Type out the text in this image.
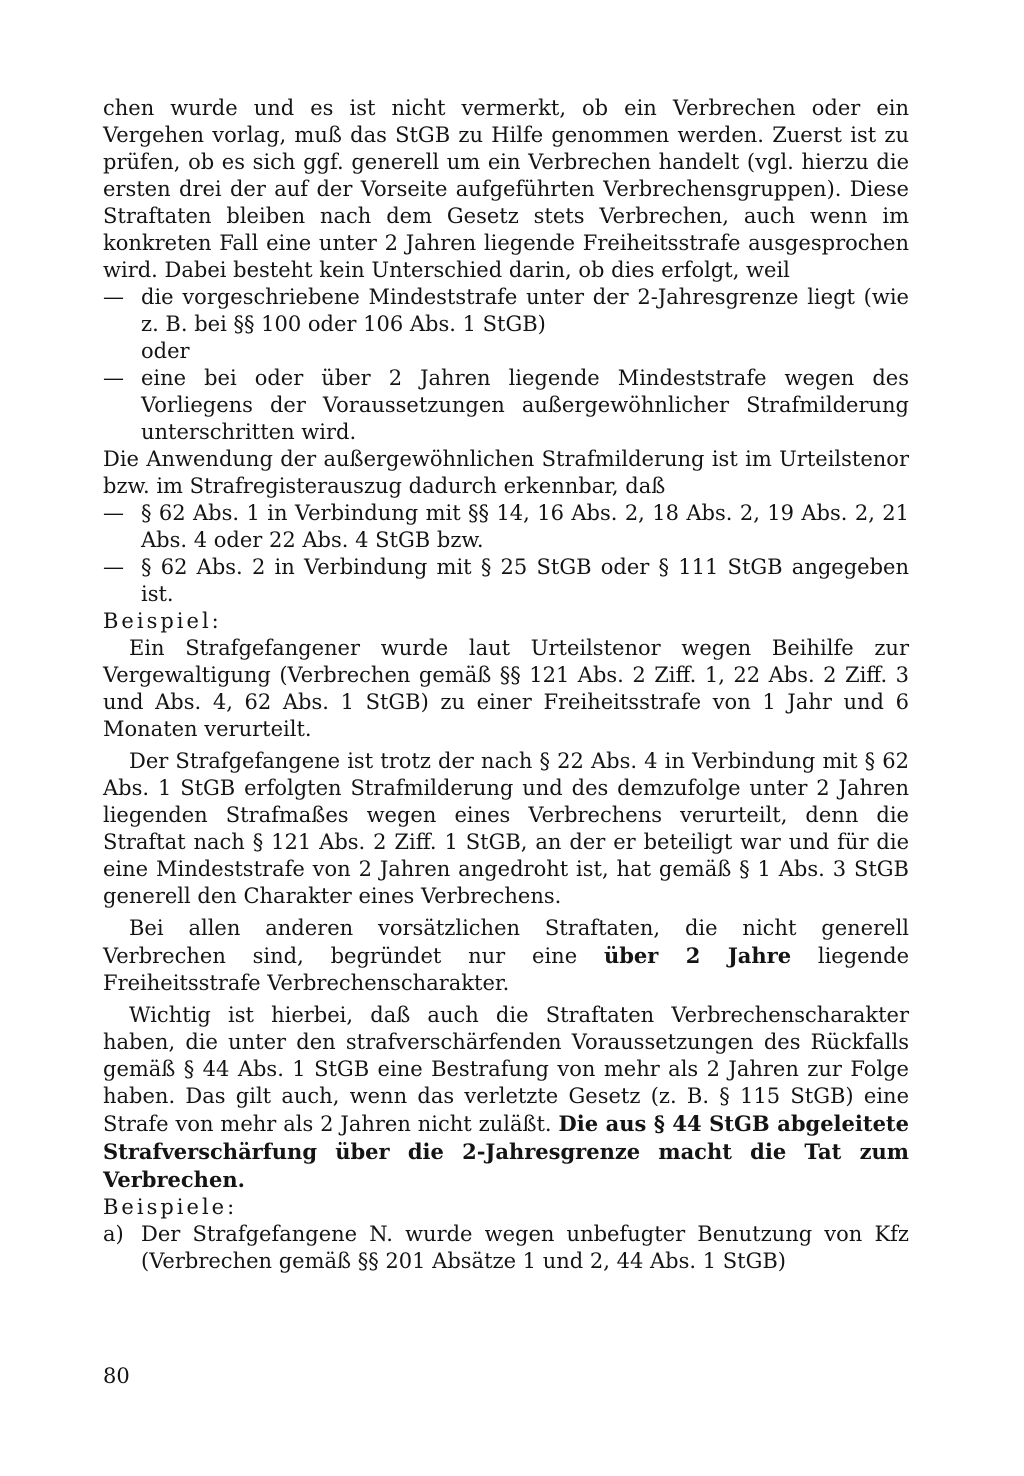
chen wurde und es ist nicht vermerkt, ob ein Verbrechen oder ein Vergehen vorlag, muß das StGB zu Hilfe genommen werden. Zuerst ist zu prüfen, ob es sich ggf. generell um ein Verbrechen handelt (vgl. hierzu die ersten drei der auf der Vorseite aufgeführten Verbrechensgruppen). Diese Straftaten bleiben nach dem Gesetz stets Verbrechen, auch wenn im konkreten Fall eine unter 2 Jahren liegende Freiheitsstrafe ausgesprochen wird. Dabei besteht kein Unterschied darin, ob dies erfolgt, weil

— die vorgeschriebene Mindeststrafe unter der 2-Jahresgrenze liegt (wie z. B. bei §§ 100 oder 106 Abs. 1 StGB)

oder

— eine bei oder über 2 Jahren liegende Mindeststrafe wegen des Vorliegens der Voraussetzungen außergewöhnlicher Strafmilderung unterschritten wird.

Die Anwendung der außergewöhnlichen Strafmilderung ist im Urteilstenor bzw. im Strafregisterauszug dadurch erkennbar, daß

— § 62 Abs. 1 in Verbindung mit §§ 14, 16 Abs. 2, 18 Abs. 2, 19 Abs. 2, 21 Abs. 4 oder 22 Abs. 4 StGB bzw.
— § 62 Abs. 2 in Verbindung mit § 25 StGB oder § 111 StGB angegeben ist.

Beispiel:

Ein Strafgefangener wurde laut Urteilstenor wegen Beihilfe zur Vergewaltigung (Verbrechen gemäß §§ 121 Abs. 2 Ziff. 1, 22 Abs. 2 Ziff. 3 und Abs. 4, 62 Abs. 1 StGB) zu einer Freiheitsstrafe von 1 Jahr und 6 Monaten verurteilt.

Der Strafgefangene ist trotz der nach § 22 Abs. 4 in Verbindung mit § 62 Abs. 1 StGB erfolgten Strafmilderung und des demzufolge unter 2 Jahren liegenden Strafmaßes wegen eines Verbrechens verurteilt, denn die Straftat nach § 121 Abs. 2 Ziff. 1 StGB, an der er beteiligt war und für die eine Mindeststrafe von 2 Jahren angedroht ist, hat gemäß § 1 Abs. 3 StGB generell den Charakter eines Verbrechens.

Bei allen anderen vorsätzlichen Straftaten, die nicht generell Verbrechen sind, begründet nur eine über 2 Jahre liegende Freiheitsstrafe Verbrechenscharakter.

Wichtig ist hierbei, daß auch die Straftaten Verbrechenscharakter haben, die unter den strafverschärfenden Voraussetzungen des Rückfalls gemäß § 44 Abs. 1 StGB eine Bestrafung von mehr als 2 Jahren zur Folge haben. Das gilt auch, wenn das verletzte Gesetz (z. B. § 115 StGB) eine Strafe von mehr als 2 Jahren nicht zuläßt. Die aus § 44 StGB abgeleitete Strafverschärfung über die 2-Jahresgrenze macht die Tat zum Verbrechen.

Beispiele:

a) Der Strafgefangene N. wurde wegen unbefugter Benutzung von Kfz (Verbrechen gemäß §§ 201 Absätze 1 und 2, 44 Abs. 1 StGB)
80
